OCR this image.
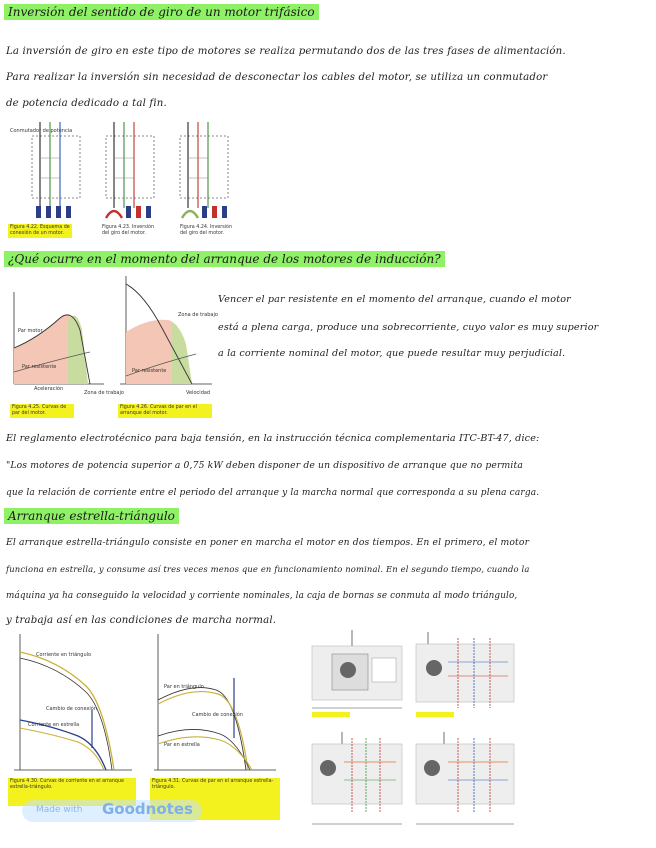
Inversión del sentido de giro de un motor trifásico
La inversión de giro en este tipo de motores se realiza permutando dos de las tres fases de alimentación.
Para realizar la inversión sin necesidad de desconectar los cables del motor, se utiliza un conmutador
de potencia dedicado a tal fin.
Conmutador de potencia
Figura 4.22. Esquema de conexión de un motor.
Figura 4.23. Inversión del giro del motor.
Figura 4.24. Inversión del giro del motor.
¿Qué ocurre en el momento del arranque de los motores de inducción?
Par motor
Par resistente
Aceleración
Zona de trabajo
Zona de trabajo
Par resistente
Velocidad
Figura 4.25. Curvas de par del motor.
Figura 4.26. Curvas de par en el arranque del motor.
Vencer el par resistente en el momento del arranque, cuando el motor
está a plena carga, produce una sobrecorriente, cuyo valor es muy superior
a la corriente nominal del motor, que puede resultar muy perjudicial.
El reglamento electrotécnico para baja tensión, en la instrucción técnica complementaria ITC-BT-47, dice:
"Los motores de potencia superior a 0,75 kW deben disponer de un dispositivo de arranque que no permita
que la relación de corriente entre el periodo del arranque y la marcha normal que corresponda a su plena carga.
Arranque estrella-triángulo
El arranque estrella-triángulo consiste en poner en marcha el motor en dos tiempos. En el primero, el motor
funciona en estrella, y consume así tres veces menos que en funcionamiento nominal. En el segundo tiempo, cuando la
máquina ya ha conseguido la velocidad y corriente nominales, la caja de bornas se conmuta al modo triángulo,
y trabaja así en las condiciones de marcha normal.
Corriente en triángulo
Cambio de conexión
Corriente en estrella
Par en triángulo
Cambio de conexión
Par en estrella
Figura 4.30. Curvas de corriente en el arranque estrella-triángulo.
Figura 4.31. Curvas de par en el arranque estrella-triángulo.
Made with Goodnotes
